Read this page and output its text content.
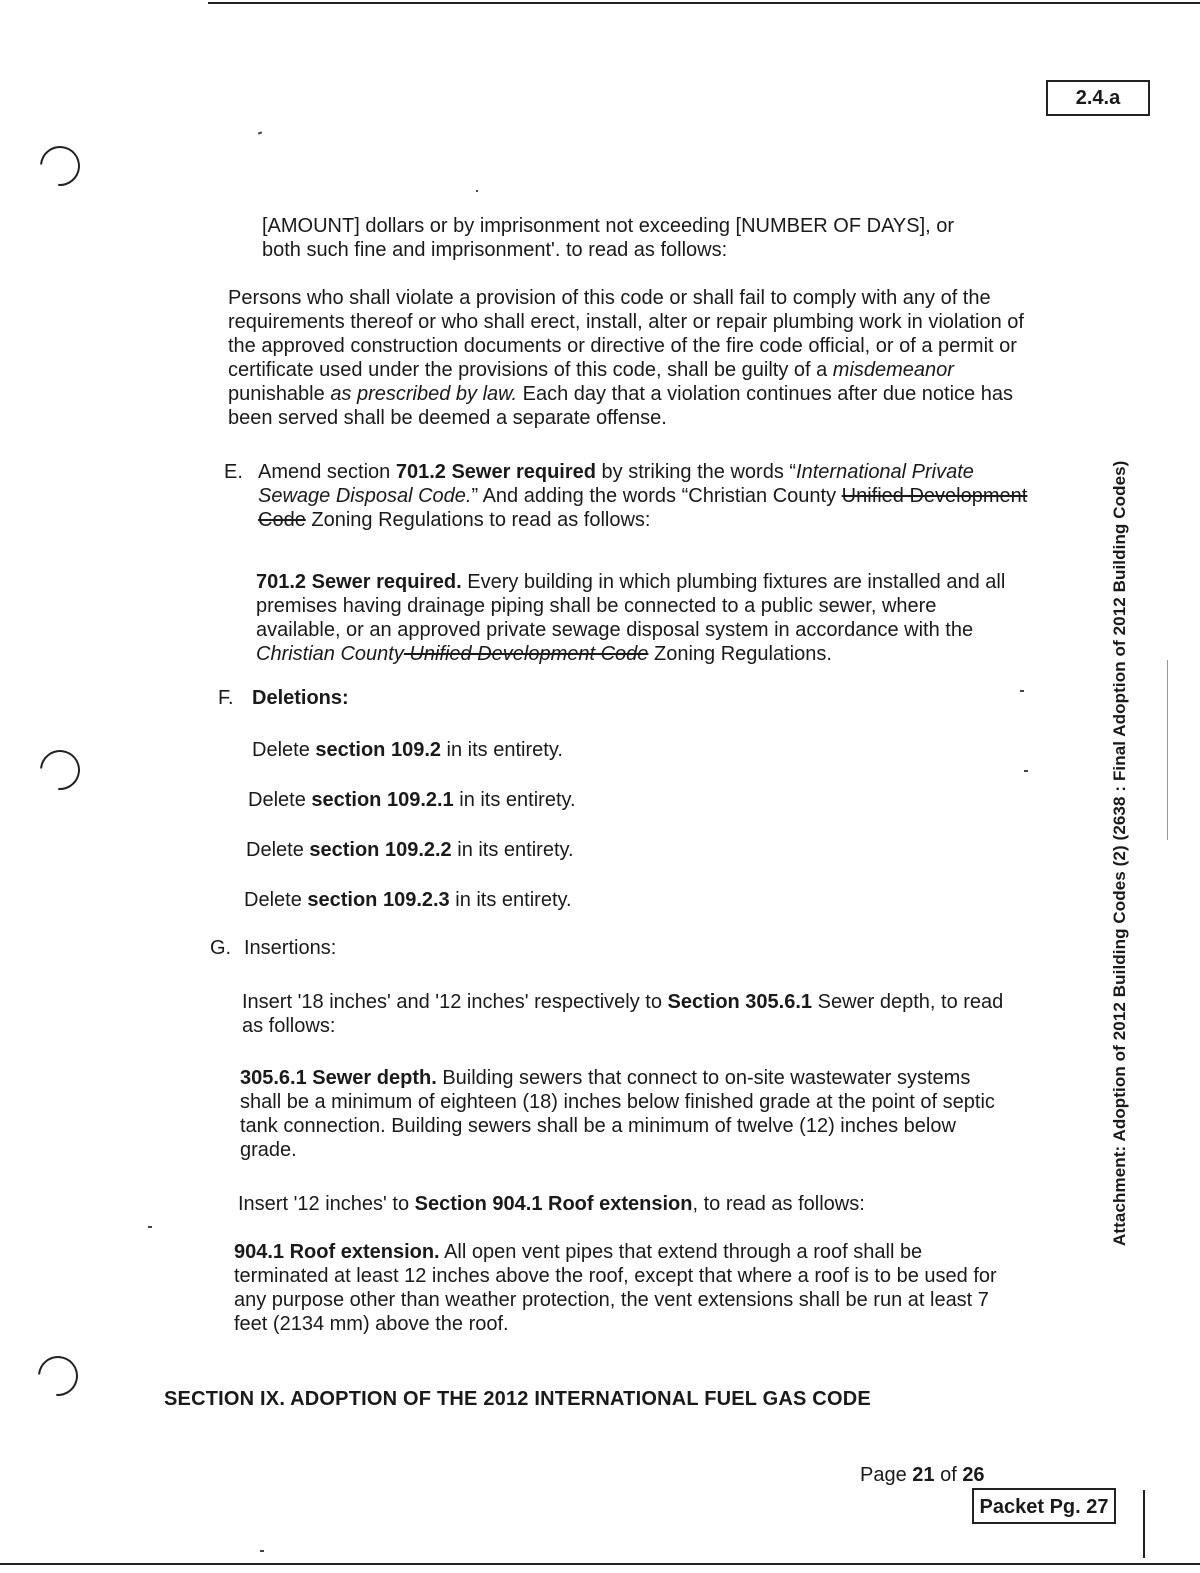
2.4.a
Packet Pg. 27
Attachment: Adoption of 2012 Building Codes (2) (2638 : Final Adoption of 2012 Building Codes)

[AMOUNT] dollars or by imprisonment not exceeding [NUMBER OF DAYS], or
both such fine and imprisonment'. to read as follows:

Persons who shall violate a provision of this code or shall fail to comply with any of the requirements thereof or who shall erect, install, alter or repair plumbing work in violation of the approved construction documents or directive of the fire code official, or of a permit or certificate used under the provisions of this code, shall be guilty of a misdemeanor punishable as prescribed by law. Each day that a violation continues after due notice has been served shall be deemed a separate offense.

E. Amend section 701.2 Sewer required by striking the words “International Private Sewage Disposal Code.” And adding the words “Christian County Unified Development Code Zoning Regulations to read as follows:

701.2 Sewer required. Every building in which plumbing fixtures are installed and all premises having drainage piping shall be connected to a public sewer, where available, or an approved private sewage disposal system in accordance with the Christian County Unified Development Code Zoning Regulations.

F. Deletions:
Delete section 109.2 in its entirety.
Delete section 109.2.1 in its entirety.
Delete section 109.2.2 in its entirety.
Delete section 109.2.3 in its entirety.
G. Insertions:

Insert '18 inches' and '12 inches' respectively to Section 305.6.1 Sewer depth, to read as follows:

305.6.1 Sewer depth. Building sewers that connect to on-site wastewater systems shall be a minimum of eighteen (18) inches below finished grade at the point of septic tank connection. Building sewers shall be a minimum of twelve (12) inches below grade.

Insert '12 inches' to Section 904.1 Roof extension, to read as follows:

904.1 Roof extension. All open vent pipes that extend through a roof shall be terminated at least 12 inches above the roof, except that where a roof is to be used for any purpose other than weather protection, the vent extensions shall be run at least 7 feet (2134 mm) above the roof.

SECTION IX. ADOPTION OF THE 2012 INTERNATIONAL FUEL GAS CODE
Page 21 of 26
